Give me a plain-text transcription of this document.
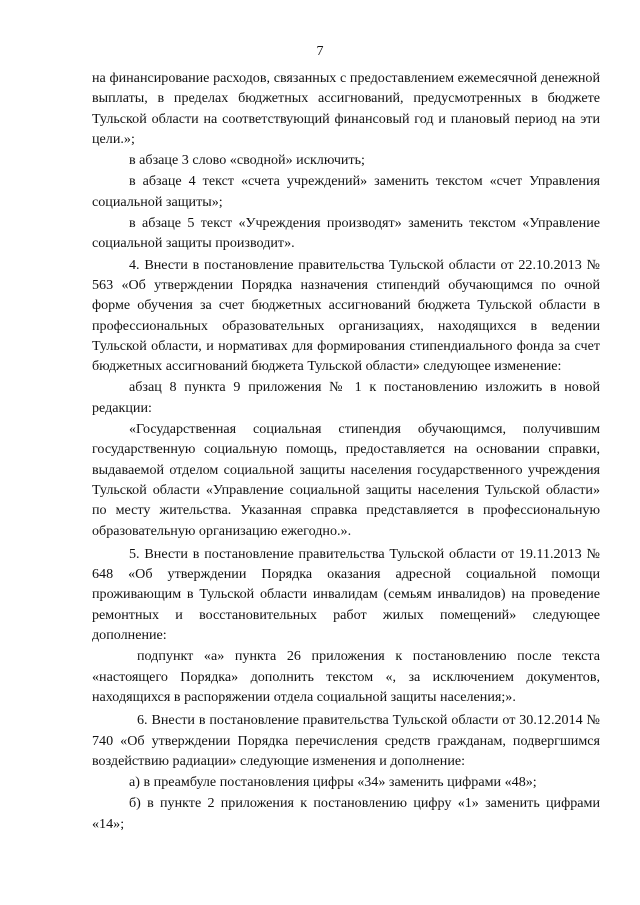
7

на финансирование расходов, связанных с предоставлением ежемесячной денежной выплаты, в пределах бюджетных ассигнований, предусмотренных в бюджете Тульской области на соответствующий финансовый год и плановый период на эти цели.»;

в абзаце 3 слово «сводной» исключить;

в абзаце 4 текст «счета учреждений» заменить текстом «счет Управления социальной защиты»;

в абзаце 5 текст «Учреждения производят» заменить текстом «Управление социальной защиты производит».

4. Внести в постановление правительства Тульской области от 22.10.2013 № 563 «Об утверждении Порядка назначения стипендий обучающимся по очной форме обучения за счет бюджетных ассигнований бюджета Тульской области в профессиональных образовательных организациях, находящихся в ведении Тульской области, и нормативах для формирования стипендиального фонда за счет бюджетных ассигнований бюджета Тульской области» следующее изменение:

абзац 8 пункта 9 приложения № 1 к постановлению изложить в новой редакции:

«Государственная социальная стипендия обучающимся, получившим государственную социальную помощь, предоставляется на основании справки, выдаваемой отделом социальной защиты населения государственного учреждения Тульской области «Управление социальной защиты населения Тульской области» по месту жительства. Указанная справка представляется в профессиональную образовательную организацию ежегодно.».

5. Внести в постановление правительства Тульской области от 19.11.2013 № 648 «Об утверждении Порядка оказания адресной социальной помощи проживающим в Тульской области инвалидам (семьям инвалидов) на проведение ремонтных и восстановительных работ жилых помещений» следующее дополнение:

подпункт «а» пункта 26 приложения к постановлению после текста «настоящего Порядка» дополнить текстом «, за исключением документов, находящихся в распоряжении отдела социальной защиты населения;».

6. Внести в постановление правительства Тульской области от 30.12.2014 № 740 «Об утверждении Порядка перечисления средств гражданам, подвергшимся воздействию радиации» следующие изменения и дополнение:

а) в преамбуле постановления цифры «34» заменить цифрами «48»;

б) в пункте 2 приложения к постановлению цифру «1» заменить цифрами «14»;
